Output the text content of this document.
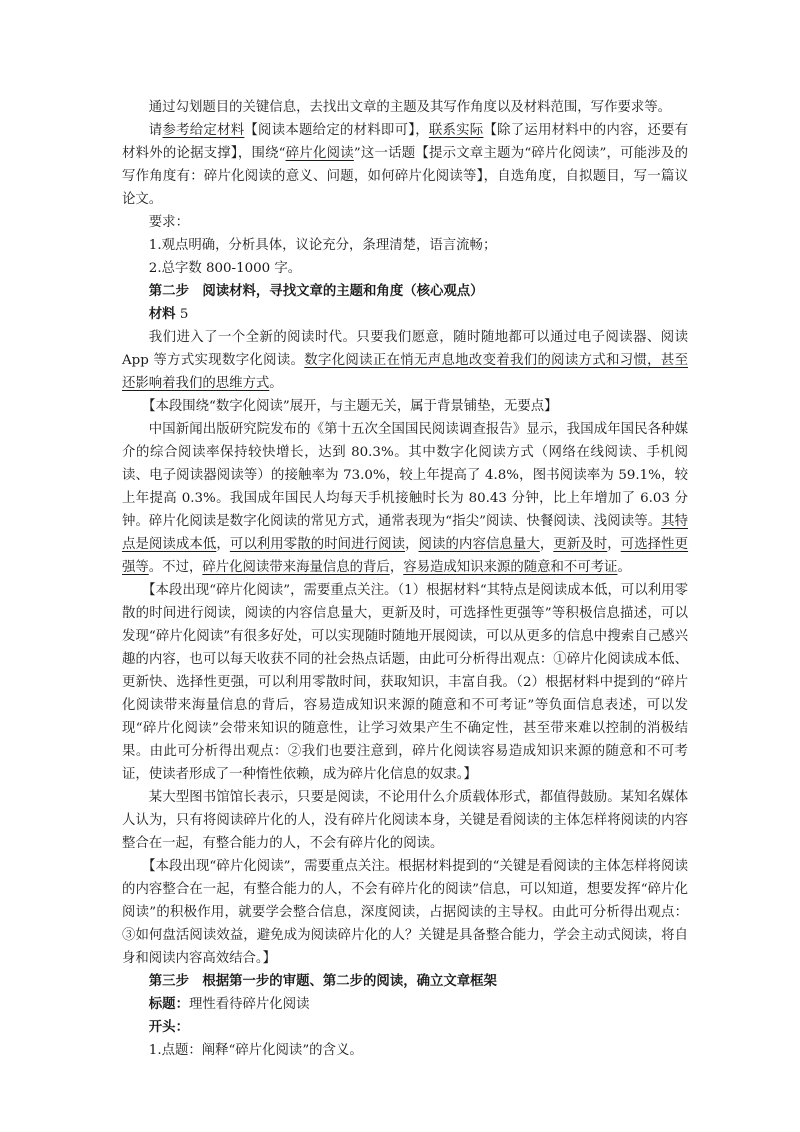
通过勾划题目的关键信息，去找出文章的主题及其写作角度以及材料范围，写作要求等。

请参考给定材料【阅读本题给定的材料即可】，联系实际【除了运用材料中的内容，还要有材料外的论据支撑】，围绕“碎片化阅读”这一话题【提示文章主题为“碎片化阅读”，可能涉及的写作角度有：碎片化阅读的意义、问题，如何碎片化阅读等】，自选角度，自拟题目，写一篇议论文。

要求：

1.观点明确，分析具体，议论充分，条理清楚，语言流畅；

2.总字数 800-1000 字。

第二步　阅读材料，寻找文章的主题和角度（核心观点）

材料 5

我们进入了一个全新的阅读时代。只要我们愿意，随时随地都可以通过电子阅读器、阅读 App 等方式实现数字化阅读。数字化阅读正在悄无声息地改变着我们的阅读方式和习惯，甚至还影响着我们的思维方式。

【本段围绕“数字化阅读”展开，与主题无关，属于背景铺垫，无要点】

中国新闻出版研究院发布的《第十五次全国国民阅读调查报告》显示，我国成年国民各种媒介的综合阅读率保持较快增长，达到 80.3%。其中数字化阅读方式（网络在线阅读、手机阅读、电子阅读器阅读等）的接触率为 73.0%，较上年提高了 4.8%，图书阅读率为 59.1%，较上年提高 0.3%。我国成年国民人均每天手机接触时长为 80.43 分钟，比上年增加了 6.03 分钟。碎片化阅读是数字化阅读的常见方式，通常表现为“指尖”阅读、快餐阅读、浅阅读等。其特点是阅读成本低，可以利用零散的时间进行阅读，阅读的内容信息量大，更新及时，可选择性更强等。不过，碎片化阅读带来海量信息的背后，容易造成知识来源的随意和不可考证。

【本段出现“碎片化阅读”，需要重点关注。（1）根据材料“其特点是阅读成本低，可以利用零散的时间进行阅读，阅读的内容信息量大，更新及时，可选择性更强等”等积极信息描述，可以发现“碎片化阅读”有很多好处，可以实现随时随地开展阅读，可以从更多的信息中搜索自己感兴趣的内容，也可以每天收获不同的社会热点话题，由此可分析得出观点：①碎片化阅读成本低、更新快、选择性更强，可以利用零散时间，获取知识，丰富自我。（2）根据材料中提到的“碎片化阅读带来海量信息的背后，容易造成知识来源的随意和不可考证”等负面信息表述，可以发现“碎片化阅读”会带来知识的随意性，让学习效果产生不确定性，甚至带来难以控制的消极结果。由此可分析得出观点：②我们也要注意到，碎片化阅读容易造成知识来源的随意和不可考证，使读者形成了一种惰性依赖，成为碎片化信息的奴隶。】

某大型图书馆馆长表示，只要是阅读，不论用什么介质载体形式，都值得鼓励。某知名媒体人认为，只有将阅读碎片化的人，没有碎片化阅读本身，关键是看阅读的主体怎样将阅读的内容整合在一起，有整合能力的人，不会有碎片化的阅读。

【本段出现“碎片化阅读”，需要重点关注。根据材料提到的“关键是看阅读的主体怎样将阅读的内容整合在一起，有整合能力的人，不会有碎片化的阅读”信息，可以知道，想要发挥“碎片化阅读”的积极作用，就要学会整合信息，深度阅读，占据阅读的主导权。由此可分析得出观点：③如何盘活阅读效益，避免成为阅读碎片化的人？关键是具备整合能力，学会主动式阅读，将自身和阅读内容高效结合。】

第三步　根据第一步的审题、第二步的阅读，确立文章框架

标题：理性看待碎片化阅读

开头：

1.点题：阐释“碎片化阅读”的含义。
